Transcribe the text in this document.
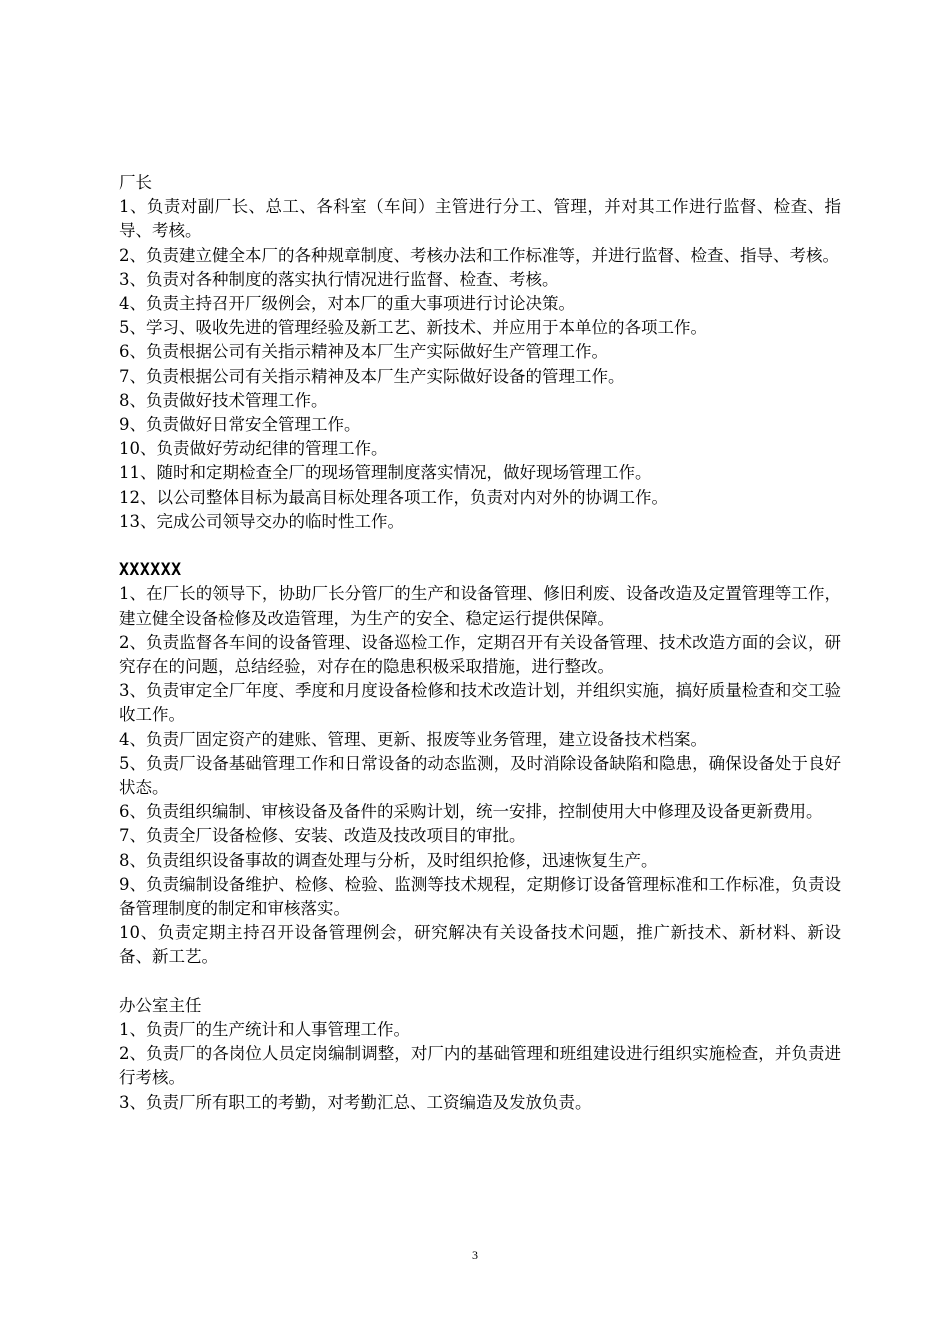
厂长

1、负责对副厂长、总工、各科室（车间）主管进行分工、管理，并对其工作进行监督、检查、指导、考核。

2、负责建立健全本厂的各种规章制度、考核办法和工作标准等，并进行监督、检查、指导、考核。

3、负责对各种制度的落实执行情况进行监督、检查、考核。

4、负责主持召开厂级例会，对本厂的重大事项进行讨论决策。

5、学习、吸收先进的管理经验及新工艺、新技术、并应用于本单位的各项工作。

6、负责根据公司有关指示精神及本厂生产实际做好生产管理工作。

7、负责根据公司有关指示精神及本厂生产实际做好设备的管理工作。

8、负责做好技术管理工作。

9、负责做好日常安全管理工作。

10、负责做好劳动纪律的管理工作。

11、随时和定期检查全厂的现场管理制度落实情况，做好现场管理工作。

12、以公司整体目标为最高目标处理各项工作，负责对内对外的协调工作。

13、完成公司领导交办的临时性工作。

XXXXXX

1、在厂长的领导下，协助厂长分管厂的生产和设备管理、修旧利废、设备改造及定置管理等工作，建立健全设备检修及改造管理，为生产的安全、稳定运行提供保障。

2、负责监督各车间的设备管理、设备巡检工作，定期召开有关设备管理、技术改造方面的会议，研究存在的问题，总结经验，对存在的隐患积极采取措施，进行整改。

3、负责审定全厂年度、季度和月度设备检修和技术改造计划，并组织实施，搞好质量检查和交工验收工作。

4、负责厂固定资产的建账、管理、更新、报废等业务管理，建立设备技术档案。

5、负责厂设备基础管理工作和日常设备的动态监测，及时消除设备缺陷和隐患，确保设备处于良好状态。

6、负责组织编制、审核设备及备件的采购计划，统一安排，控制使用大中修理及设备更新费用。

7、负责全厂设备检修、安装、改造及技改项目的审批。

8、负责组织设备事故的调查处理与分析，及时组织抢修，迅速恢复生产。

9、负责编制设备维护、检修、检验、监测等技术规程，定期修订设备管理标准和工作标准，负责设备管理制度的制定和审核落实。

10、负责定期主持召开设备管理例会，研究解决有关设备技术问题，推广新技术、新材料、新设备、新工艺。

办公室主任

1、负责厂的生产统计和人事管理工作。

2、负责厂的各岗位人员定岗编制调整，对厂内的基础管理和班组建设进行组织实施检查，并负责进行考核。

3、负责厂所有职工的考勤，对考勤汇总、工资编造及发放负责。

3
